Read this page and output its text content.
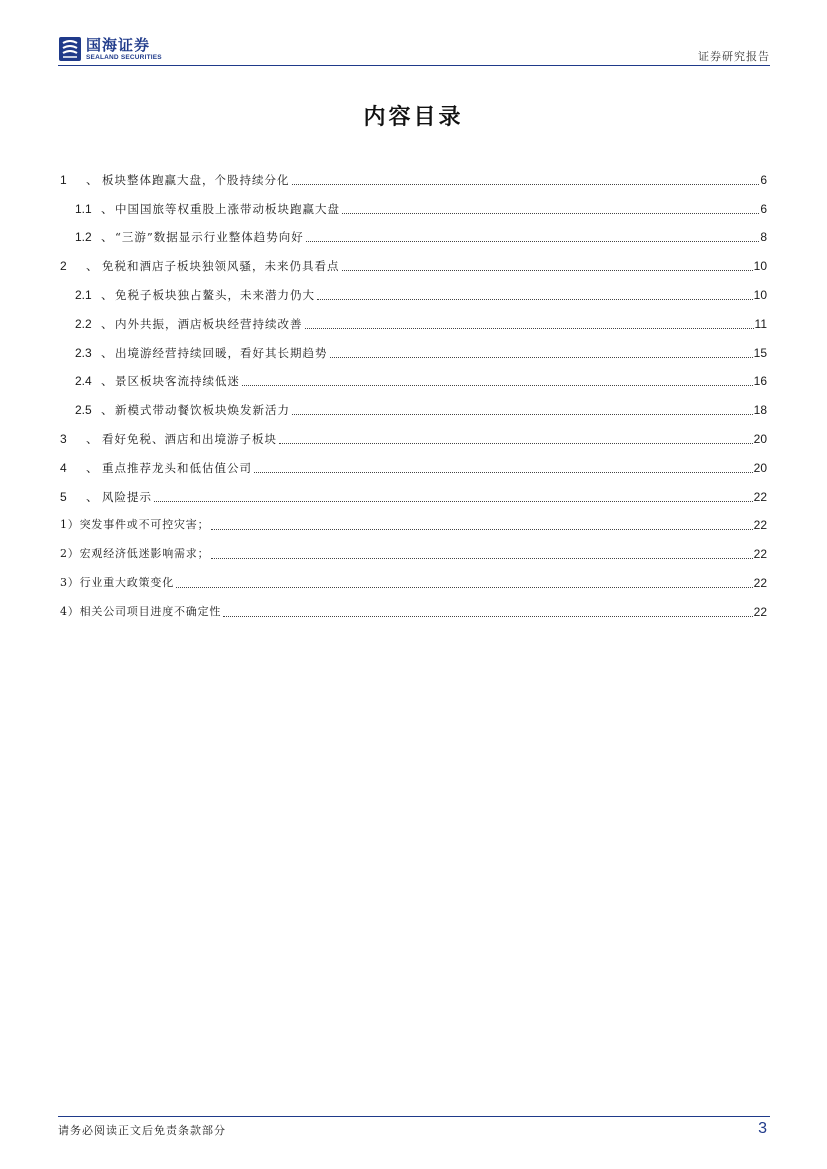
国海证券
SEALAND SECURITIES	证券研究报告
内容目录
1	、 板块整体跑赢大盘，个股持续分化	6
1.1 、 中国国旅等权重股上涨带动板块跑赢大盘	6
1.2 、 “三游”数据显示行业整体趋势向好	8
2	、 免税和酒店子板块独领风骚，未来仍具看点	10
2.1 、 免税子板块独占鳌头，未来潜力仍大	10
2.2 、 内外共振，酒店板块经营持续改善	11
2.3 、 出境游经营持续回暖，看好其长期趋势	15
2.4 、 景区板块客流持续低迷	16
2.5 、 新模式带动餐饮板块焕发新活力	18
3	、 看好免税、酒店和出境游子板块	20
4	、 重点推荐龙头和低估值公司	20
5	、 风险提示	22
1）突发事件或不可控灾害；	22
2）宏观经济低迷影响需求；	22
3）行业重大政策变化	22
4）相关公司项目进度不确定性	22
请务必阅读正文后免责条款部分	3
